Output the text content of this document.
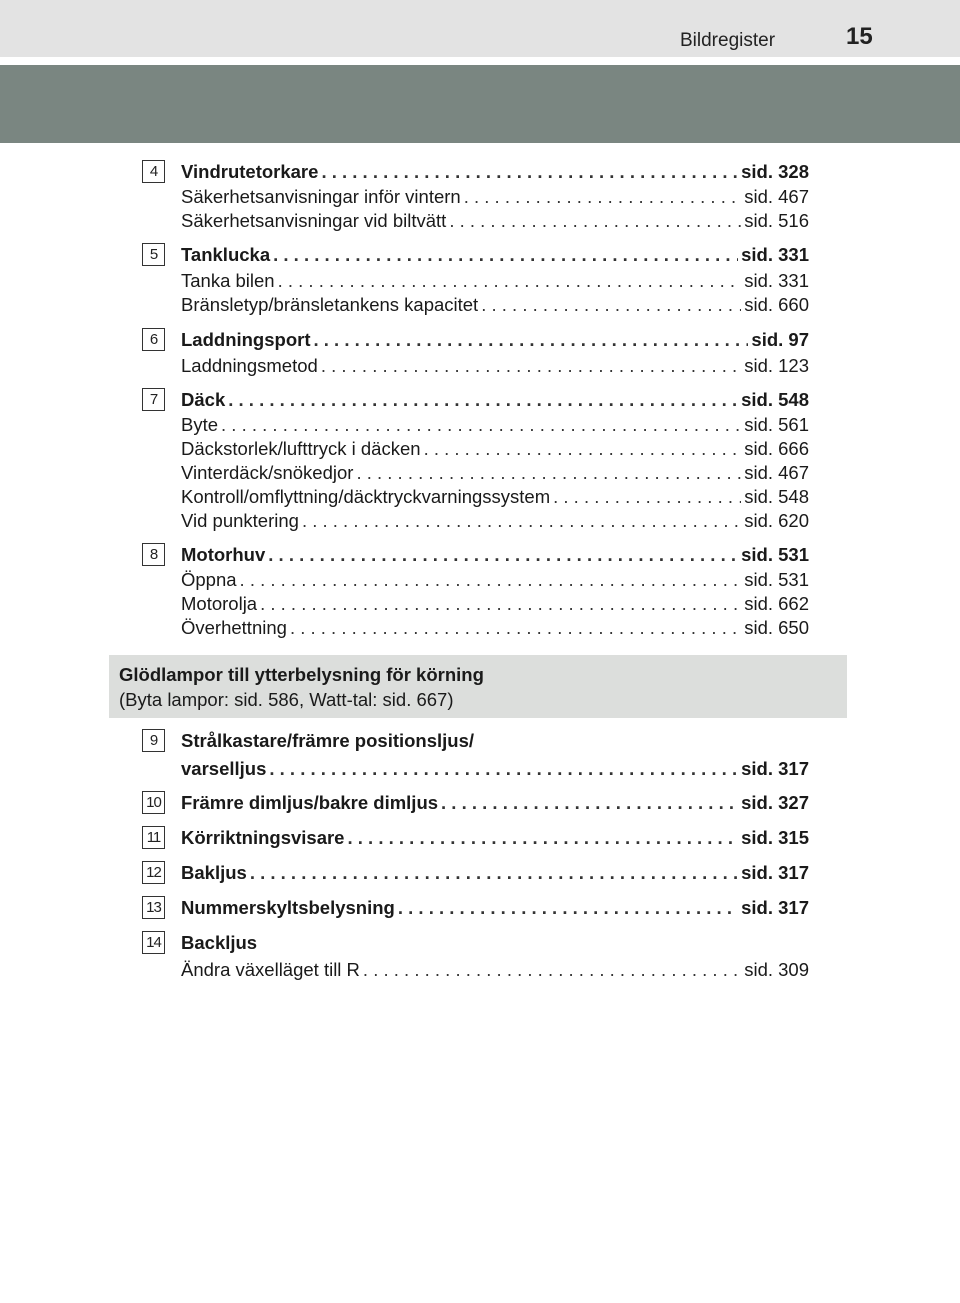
Bildregister	15
Glödlampor till ytterbelysning för körning
(Byta lampor: sid. 586, Watt-tal: sid. 667)
4	Vindrutetorkare . . .	sid. 328
Säkerhetsanvisningar inför vintern . . .	sid. 467
Säkerhetsanvisningar vid biltvätt . . .	sid. 516
5	Tanklucka . . .	sid. 331
Tanka bilen . . .	sid. 331
Bränsletyp/bränsletankens kapacitet . . .	sid. 660
6	Laddningsport . . .	sid. 97
Laddningsmetod . . .	sid. 123
7	Däck . . .	sid. 548
Byte . . .	sid. 561
Däckstorlek/lufttryck i däcken . . .	sid. 666
Vinterdäck/snökedjor . . .	sid. 467
Kontroll/omflyttning/däcktryckvarningssystem . . .	sid. 548
Vid punktering . . .	sid. 620
8	Motorhuv . . .	sid. 531
Öppna . . .	sid. 531
Motorolja . . .	sid. 662
Överhettning . . .	sid. 650
9	Strålkastare/främre positionsljus/
varselljus . . .	sid. 317
10 Främre dimljus/bakre dimljus . . .	sid. 327
11 Körriktningsvisare . . .	sid. 315
12 Bakljus . . .	sid. 317
13 Nummerskyltsbelysning . . .	sid. 317
14 Backljus
Ändra växelläget till R . . .	sid. 309
